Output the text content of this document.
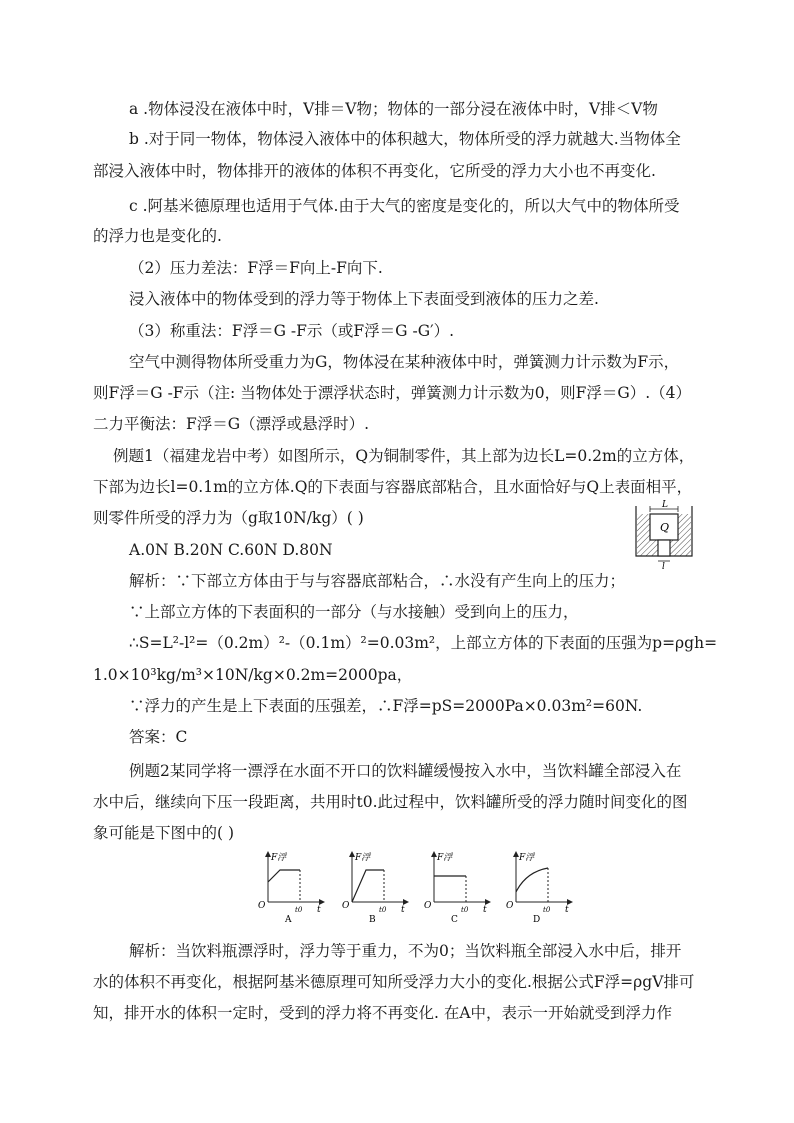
a .物体浸没在液体中时，V排＝V物；物体的一部分浸在液体中时，V排＜V物
b .对于同一物体，物体浸入液体中的体积越大，物体所受的浮力就越大.当物体全
部浸入液体中时，物体排开的液体的体积不再变化，它所受的浮力大小也不再变化.
c .阿基米德原理也适用于气体.由于大气的密度是变化的，所以大气中的物体所受
的浮力也是变化的.
（2）压力差法：F浮＝F向上-F向下.
浸入液体中的物体受到的浮力等于物体上下表面受到液体的压力之差.
（3）称重法：F浮＝G -F示（或F浮＝G -G′）.
空气中测得物体所受重力为G，物体浸在某种液体中时，弹簧测力计示数为F示，
则F浮＝G -F示（注: 当物体处于漂浮状态时，弹簧测力计示数为0，则F浮＝G）.（4）
二力平衡法：F浮＝G（漂浮或悬浮时）.
例题1（福建龙岩中考）如图所示，Q为铜制零件，其上部为边长L=0.2m的立方体，
下部为边长l=0.1m的立方体.Q的下表面与容器底部粘合，且水面恰好与Q上表面相平，
则零件所受的浮力为（g取10N/kg）( )
A.0N B.20N C.60N D.80N
解析：∵下部立方体由于与与容器底部粘合，∴水没有产生向上的压力；
∵上部立方体的下表面积的一部分（与水接触）受到向上的压力，
∴S=L²-l²=（0.2m）²-（0.1m）²=0.03m²，上部立方体的下表面的压强为p=ρgh=
1.0×10³kg/m³×10N/kg×0.2m=2000pa，
∵浮力的产生是上下表面的压强差，∴F浮=pS=2000Pa×0.03m²=60N.
答案：C
例题2某同学将一漂浮在水面不开口的饮料罐缓慢按入水中，当饮料罐全部浸入在
水中后，继续向下压一段距离，共用时t0.此过程中，饮料罐所受的浮力随时间变化的图
象可能是下图中的( )
解析：当饮料瓶漂浮时，浮力等于重力，不为0；当饮料瓶全部浸入水中后，排开
水的体积不再变化，根据阿基米德原理可知所受浮力大小的变化.根据公式F浮=ρgV排可
知，排开水的体积一定时，受到的浮力将不再变化. 在A中，表示一开始就受到浮力作
L
Q
l
F浮
O	t0 t
A
F浮
O	t0 t
B
F浮
O	t0 t
C
F浮
O	t0 t
D
